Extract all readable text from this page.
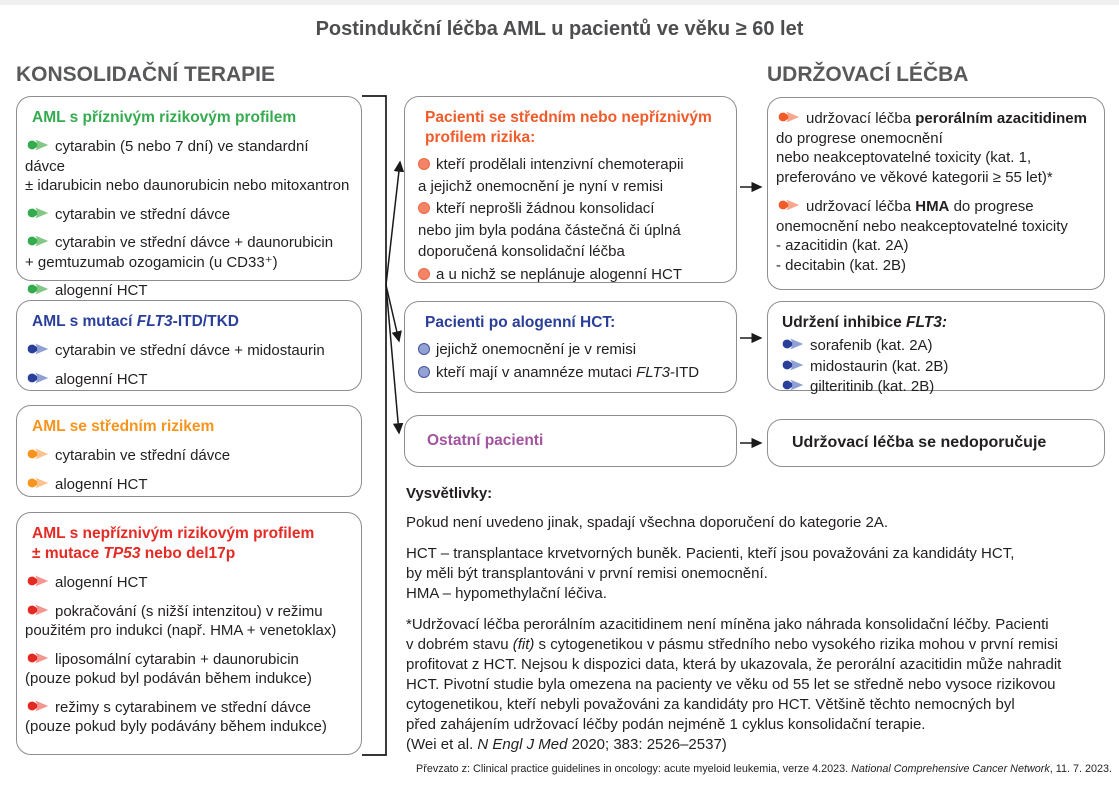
Postindukční léčba AML u pacientů ve věku ≥ 60 let
KONSOLIDAČNÍ TERAPIE	UDRŽOVACÍ LÉČBA
AML s příznivým rizikovým profilem
cytarabin (5 nebo 7 dní) ve standardní dávce
± idarubicin nebo daunorubicin nebo mitoxantron
cytarabin ve střední dávce
cytarabin ve střední dávce + daunorubicin
+ gemtuzumab ozogamicin (u CD33⁺)
alogenní HCT
AML s mutací FLT3-ITD/TKD
cytarabin ve střední dávce + midostaurin
alogenní HCT
AML se středním rizikem
cytarabin ve střední dávce
alogenní HCT
AML s nepříznivým rizikovým profilem
± mutace TP53 nebo del17p
alogenní HCT
pokračování (s nižší intenzitou) v režimu
použitém pro indukci (např. HMA + venetoklax)
liposomální cytarabin + daunorubicin
(pouze pokud byl podáván během indukce)
režimy s cytarabinem ve střední dávce
(pouze pokud byly podávány během indukce)
Pacienti se středním nebo nepříznivým
profilem rizika:
kteří prodělali intenzivní chemoterapii
a jejichž onemocnění je nyní v remisi
kteří neprošli žádnou konsolidací
nebo jim byla podána částečná či úplná
doporučená konsolidační léčba
a u nichž se neplánuje alogenní HCT
Pacienti po alogenní HCT:
jejichž onemocnění je v remisi
kteří mají v anamnéze mutaci FLT3-ITD
Ostatní pacienti
udržovací léčba perorálním azacitidinem
do progrese onemocnění
nebo neakceptovatelné toxicity (kat. 1,
preferováno ve věkové kategorii ≥ 55 let)*
udržovací léčba HMA do progrese
onemocnění nebo neakceptovatelné toxicity
- azacitidin (kat. 2A)
- decitabin (kat. 2B)
Udržení inhibice FLT3:
sorafenib (kat. 2A)
midostaurin (kat. 2B)
gilteritinib (kat. 2B)
Udržovací léčba se nedoporučuje
Vysvětlivky:

Pokud není uvedeno jinak, spadají všechna doporučení do kategorie 2A.

HCT – transplantace krvetvorných buněk. Pacienti, kteří jsou považováni za kandidáty HCT,
by měli být transplantováni v první remisi onemocnění.
HMA – hypomethylační léčiva.

*Udržovací léčba perorálním azacitidinem není míněna jako náhrada konsolidační léčby. Pacienti
v dobrém stavu (fit) s cytogenetikou v pásmu středního nebo vysokého rizika mohou v první remisi
profitovat z HCT. Nejsou k dispozici data, která by ukazovala, že perorální azacitidin může nahradit
HCT. Pivotní studie byla omezena na pacienty ve věku od 55 let se středně nebo vysoce rizikovou
cytogenetikou, kteří nebyli považováni za kandidáty pro HCT. Většině těchto nemocných byl
před zahájením udržovací léčby podán nejméně 1 cyklus konsolidační terapie.
(Wei et al. N Engl J Med 2020; 383: 2526–2537)

Převzato z: Clinical practice guidelines in oncology: acute myeloid leukemia, verze 4.2023. National Comprehensive Cancer Network, 11. 7. 2023.
